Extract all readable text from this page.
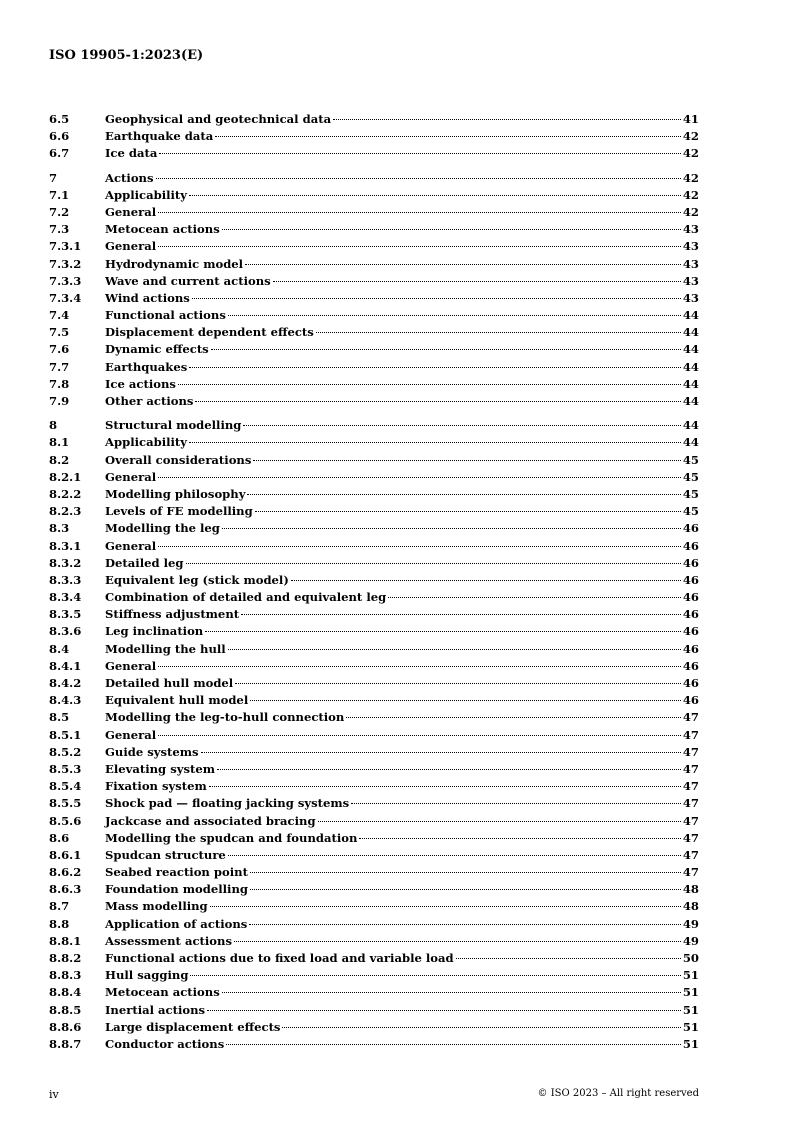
ISO 19905-1:2023(E)
6.5	Geophysical and geotechnical data	41
6.6	Earthquake data	42
6.7	Ice data	42
7	Actions	42
7.1	Applicability	42
7.2	General	42
7.3	Metocean actions	43
7.3.1	General	43
7.3.2	Hydrodynamic model	43
7.3.3	Wave and current actions	43
7.3.4	Wind actions	43
7.4	Functional actions	44
7.5	Displacement dependent effects	44
7.6	Dynamic effects	44
7.7	Earthquakes	44
7.8	Ice actions	44
7.9	Other actions	44
8	Structural modelling	44
8.1	Applicability	44
8.2	Overall considerations	45
8.2.1	General	45
8.2.2	Modelling philosophy	45
8.2.3	Levels of FE modelling	45
8.3	Modelling the leg	46
8.3.1	General	46
8.3.2	Detailed leg	46
8.3.3	Equivalent leg (stick model)	46
8.3.4	Combination of detailed and equivalent leg	46
8.3.5	Stiffness adjustment	46
8.3.6	Leg inclination	46
8.4	Modelling the hull	46
8.4.1	General	46
8.4.2	Detailed hull model	46
8.4.3	Equivalent hull model	46
8.5	Modelling the leg-to-hull connection	47
8.5.1	General	47
8.5.2	Guide systems	47
8.5.3	Elevating system	47
8.5.4	Fixation system	47
8.5.5	Shock pad — floating jacking systems	47
8.5.6	Jackcase and associated bracing	47
8.6	Modelling the spudcan and foundation	47
8.6.1	Spudcan structure	47
8.6.2	Seabed reaction point	47
8.6.3	Foundation modelling	48
8.7	Mass modelling	48
8.8	Application of actions	49
8.8.1	Assessment actions	49
8.8.2	Functional actions due to fixed load and variable load	50
8.8.3	Hull sagging	51
8.8.4	Metocean actions	51
8.8.5	Inertial actions	51
8.8.6	Large displacement effects	51
8.8.7	Conductor actions	51
iv	© ISO 2023 – All right reserved
